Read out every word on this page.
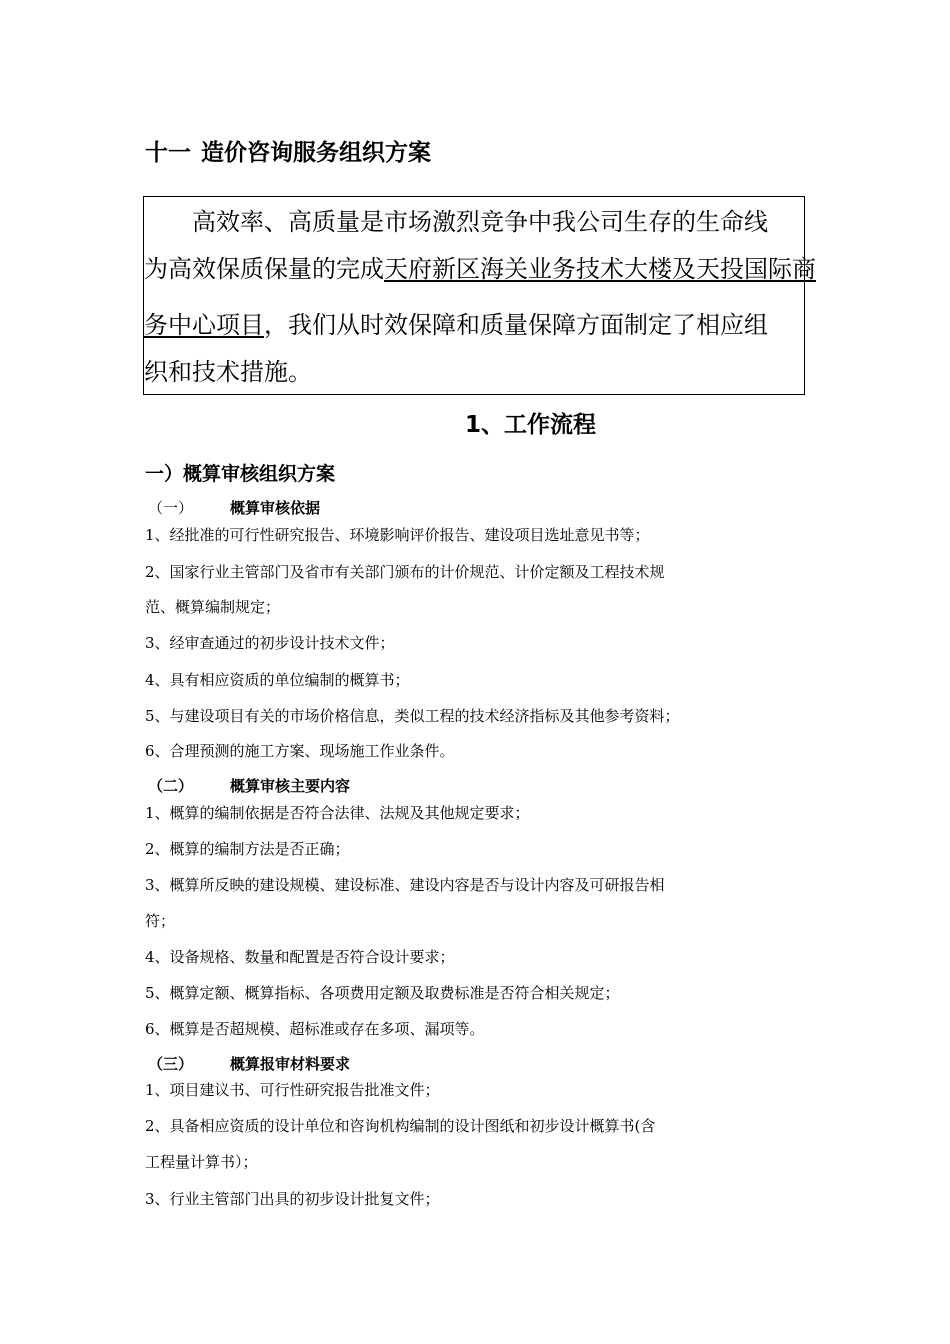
十一 造价咨询服务组织方案
　　高效率、高质量是市场激烈竞争中我公司生存的生命线
为高效保质保量的完成天府新区海关业务技术大楼及天投国际商
务中心项目，我们从时效保障和质量保障方面制定了相应组
织和技术措施。
1、工作流程
一）概算审核组织方案
（一） 概算审核依据
1、经批准的可行性研究报告、环境影响评价报告、建设项目选址意见书等；
2、国家行业主管部门及省市有关部门颁布的计价规范、计价定额及工程技术规
范、概算编制规定；
3、经审查通过的初步设计技术文件；
4、具有相应资质的单位编制的概算书；
5、与建设项目有关的市场价格信息，类似工程的技术经济指标及其他参考资料；
6、合理预测的施工方案、现场施工作业条件。
（二） 概算审核主要内容
1、概算的编制依据是否符合法律、法规及其他规定要求；
2、概算的编制方法是否正确；
3、概算所反映的建设规模、建设标准、建设内容是否与设计内容及可研报告相
符；
4、设备规格、数量和配置是否符合设计要求；
5、概算定额、概算指标、各项费用定额及取费标准是否符合相关规定；
6、概算是否超规模、超标准或存在多项、漏项等。
（三） 概算报审材料要求
1、项目建议书、可行性研究报告批准文件；
2、具备相应资质的设计单位和咨询机构编制的设计图纸和初步设计概算书(含
工程量计算书）；
3、行业主管部门出具的初步设计批复文件；
